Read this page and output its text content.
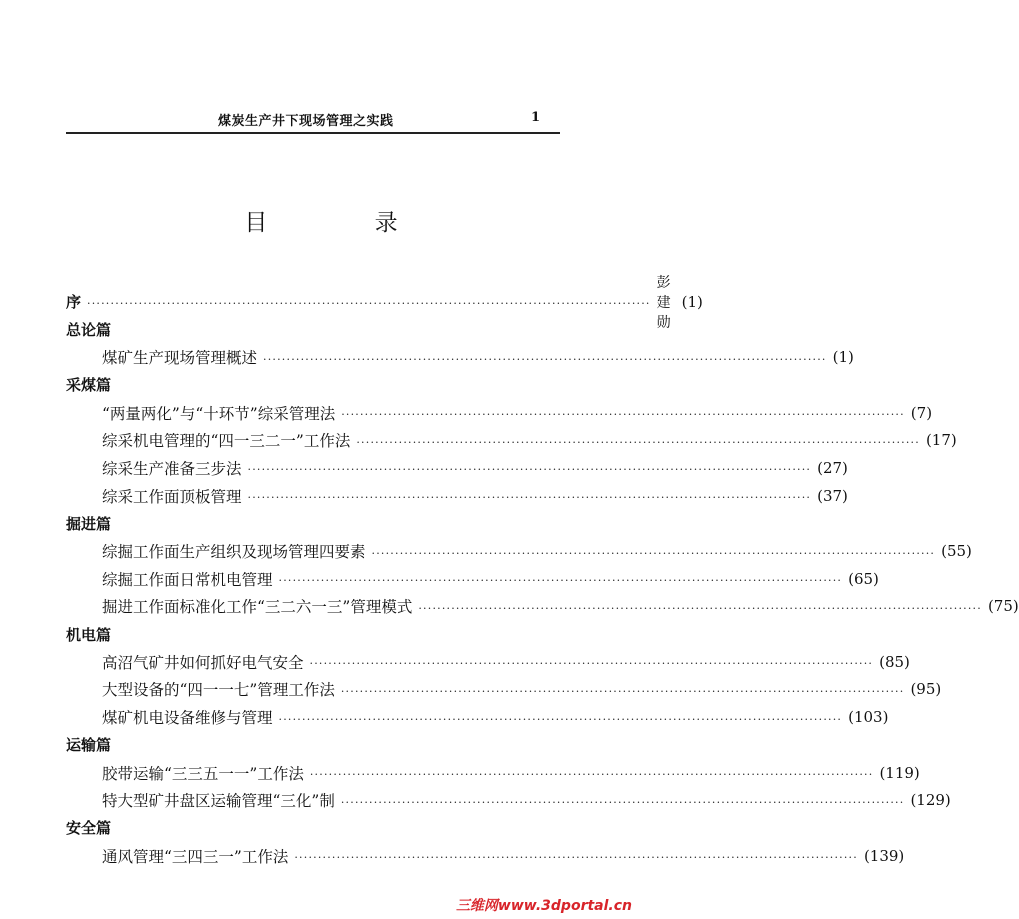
煤炭生产井下现场管理之实践	1
目 录
序 ························································································································
彭建勋
(1)
总论篇
煤矿生产现场管理概述 ························································································································ (1)
采煤篇
“两量两化”与“十环节”综采管理法 ························································································································ (7)
综采机电管理的“四一三二一”工作法 ························································································································ (17)
综采生产准备三步法 ························································································································ (27)
综采工作面顶板管理 ························································································································ (37)
掘进篇
综掘工作面生产组织及现场管理四要素 ························································································································ (55)
综掘工作面日常机电管理 ························································································································ (65)
掘进工作面标准化工作“三二六一三”管理模式 ························································································································ (75)
机电篇
高沼气矿井如何抓好电气安全 ························································································································ (85)
大型设备的“四一一七”管理工作法 ························································································································ (95)
煤矿机电设备维修与管理 ························································································································ (103)
运输篇
胶带运输“三三五一一”工作法 ························································································································ (119)
特大型矿井盘区运输管理“三化”制 ························································································································ (129)
安全篇
通风管理“三四三一”工作法 ························································································································ (139)
三维网www.3dportal.cn
